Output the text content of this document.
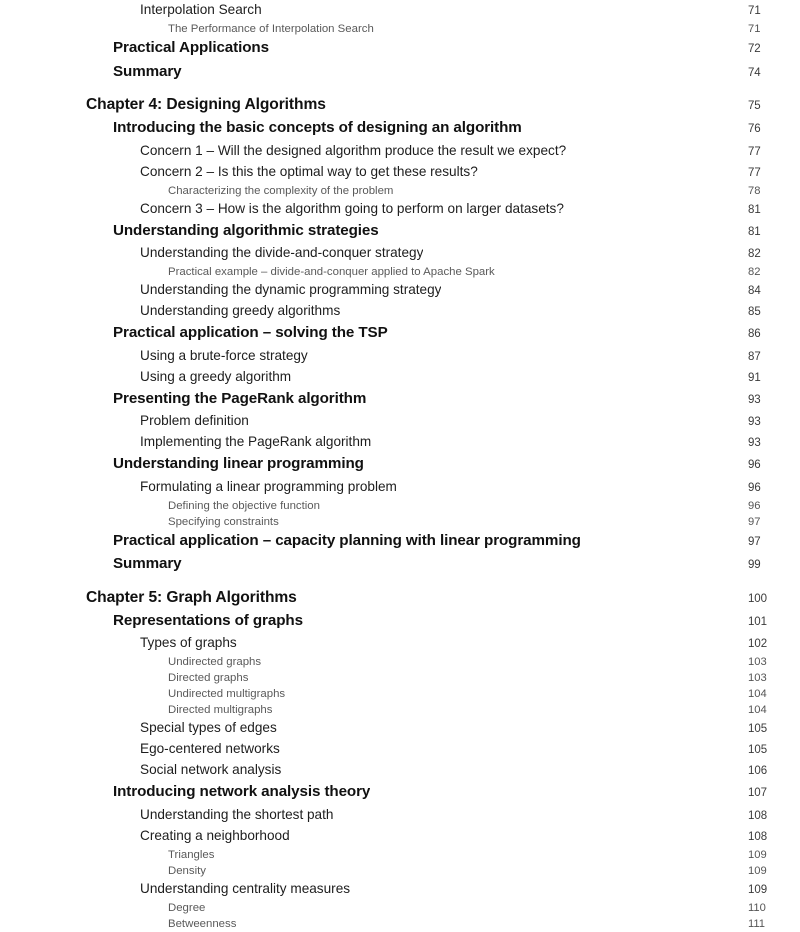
Interpolation Search	71
The Performance of Interpolation Search	71
Practical Applications	72
Summary	74
Chapter 4: Designing Algorithms	75
Introducing the basic concepts of designing an algorithm	76
Concern 1 – Will the designed algorithm produce the result we expect?	77
Concern 2 – Is this the optimal way to get these results?	77
Characterizing the complexity of the problem	78
Concern 3 – How is the algorithm going to perform on larger datasets?	81
Understanding algorithmic strategies	81
Understanding the divide-and-conquer strategy	82
Practical example – divide-and-conquer applied to Apache Spark	82
Understanding the dynamic programming strategy	84
Understanding greedy algorithms	85
Practical application – solving the TSP	86
Using a brute-force strategy	87
Using a greedy algorithm	91
Presenting the PageRank algorithm	93
Problem definition	93
Implementing the PageRank algorithm	93
Understanding linear programming	96
Formulating a linear programming problem	96
Defining the objective function	96
Specifying constraints	97
Practical application – capacity planning with linear programming	97
Summary	99
Chapter 5: Graph Algorithms	100
Representations of graphs	101
Types of graphs	102
Undirected graphs	103
Directed graphs	103
Undirected multigraphs	104
Directed multigraphs	104
Special types of edges	105
Ego-centered networks	105
Social network analysis	106
Introducing network analysis theory	107
Understanding the shortest path	108
Creating a neighborhood	108
Triangles	109
Density	109
Understanding centrality measures	109
Degree	110
Betweenness	111
